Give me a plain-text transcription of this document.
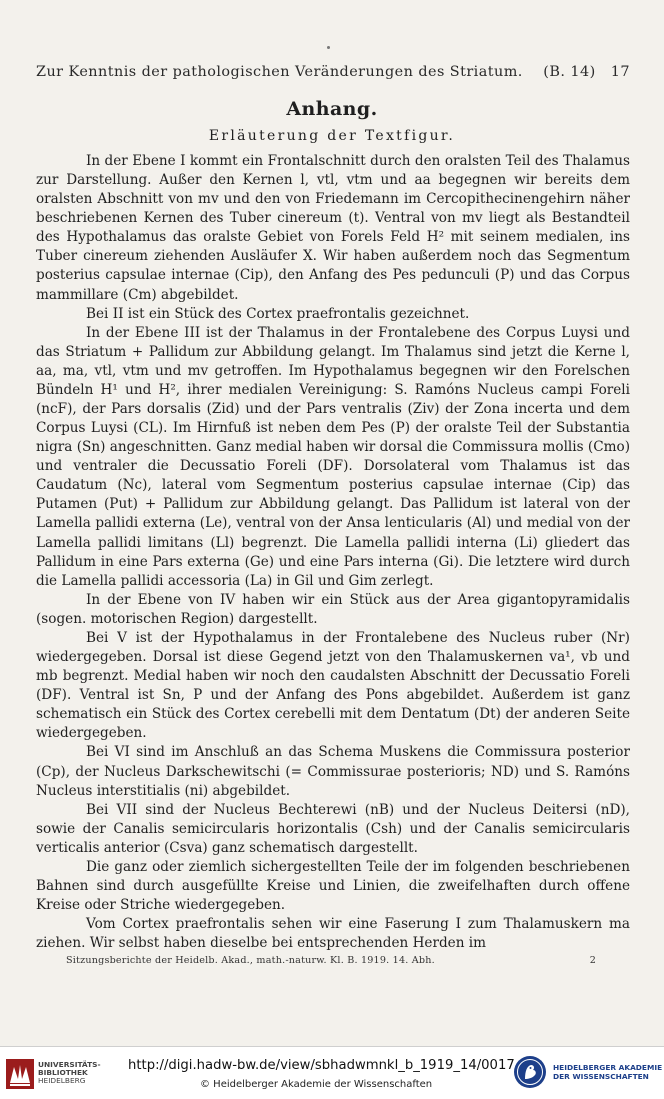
Zur Kenntnis der pathologischen Veränderungen des Striatum. (B. 14) 17
Anhang.
Erläuterung der Textfigur.

In der Ebene I kommt ein Frontalschnitt durch den oralsten Teil des Thalamus zur Darstellung. Außer den Kernen l, vtl, vtm und aa begegnen wir bereits dem oralsten Abschnitt von mv und den von Friedemann im Cercopithecinengehirn näher beschriebenen Kernen des Tuber cinereum (t). Ventral von mv liegt als Bestandteil des Hypothalamus das oralste Gebiet von Forels Feld H² mit seinem medialen, ins Tuber cinereum ziehenden Ausläufer X. Wir haben außerdem noch das Segmentum posterius capsulae internae (Cip), den Anfang des Pes pedunculi (P) und das Corpus mammillare (Cm) abgebildet.

Bei II ist ein Stück des Cortex praefrontalis gezeichnet.

In der Ebene III ist der Thalamus in der Frontalebene des Corpus Luysi und das Striatum + Pallidum zur Abbildung gelangt. Im Thalamus sind jetzt die Kerne l, aa, ma, vtl, vtm und mv getroffen. Im Hypothalamus begegnen wir den Forelschen Bündeln H¹ und H², ihrer medialen Vereinigung: S. Ramóns Nucleus campi Foreli (ncF), der Pars dorsalis (Zid) und der Pars ventralis (Ziv) der Zona incerta und dem Corpus Luysi (CL). Im Hirnfuß ist neben dem Pes (P) der oralste Teil der Substantia nigra (Sn) angeschnitten. Ganz medial haben wir dorsal die Commissura mollis (Cmo) und ventraler die Decussatio Foreli (DF). Dorsolateral vom Thalamus ist das Caudatum (Nc), lateral vom Segmentum posterius capsulae internae (Cip) das Putamen (Put) + Pallidum zur Abbildung gelangt. Das Pallidum ist lateral von der Lamella pallidi externa (Le), ventral von der Ansa lenticularis (Al) und medial von der Lamella pallidi limitans (Ll) begrenzt. Die Lamella pallidi interna (Li) gliedert das Pallidum in eine Pars externa (Ge) und eine Pars interna (Gi). Die letztere wird durch die Lamella pallidi accessoria (La) in Gil und Gim zerlegt.

In der Ebene von IV haben wir ein Stück aus der Area gigantopyramidalis (sogen. motorischen Region) dargestellt.

Bei V ist der Hypothalamus in der Frontalebene des Nucleus ruber (Nr) wiedergegeben. Dorsal ist diese Gegend jetzt von den Thalamuskernen va¹, vb und mb begrenzt. Medial haben wir noch den caudalsten Abschnitt der Decussatio Foreli (DF). Ventral ist Sn, P und der Anfang des Pons abgebildet. Außerdem ist ganz schematisch ein Stück des Cortex cerebelli mit dem Dentatum (Dt) der anderen Seite wiedergegeben.

Bei VI sind im Anschluß an das Schema Muskens die Commissura posterior (Cp), der Nucleus Darkschewitschi (= Commissurae posterioris; ND) und S. Ramóns Nucleus interstitialis (ni) abgebildet.

Bei VII sind der Nucleus Bechterewi (nB) und der Nucleus Deitersi (nD), sowie der Canalis semicircularis horizontalis (Csh) und der Canalis semicircularis verticalis anterior (Csva) ganz schematisch dargestellt.

Die ganz oder ziemlich sichergestellten Teile der im folgenden beschriebenen Bahnen sind durch ausgefüllte Kreise und Linien, die zweifelhaften durch offene Kreise oder Striche wiedergegeben.

Vom Cortex praefrontalis sehen wir eine Faserung I zum Thalamuskern ma ziehen. Wir selbst haben dieselbe bei entsprechenden Herden im

Sitzungsberichte der Heidelb. Akad., math.-naturw. Kl. B. 1919. 14. Abh.	2
UNIVERSITÄTS-
BIBLIOTHEK
HEIDELBERG
http://digi.hadw-bw.de/view/sbhadwmnkl_b_1919_14/0017
© Heidelberger Akademie der Wissenschaften
HEIDELBERGER AKADEMIE
DER WISSENSCHAFTEN
